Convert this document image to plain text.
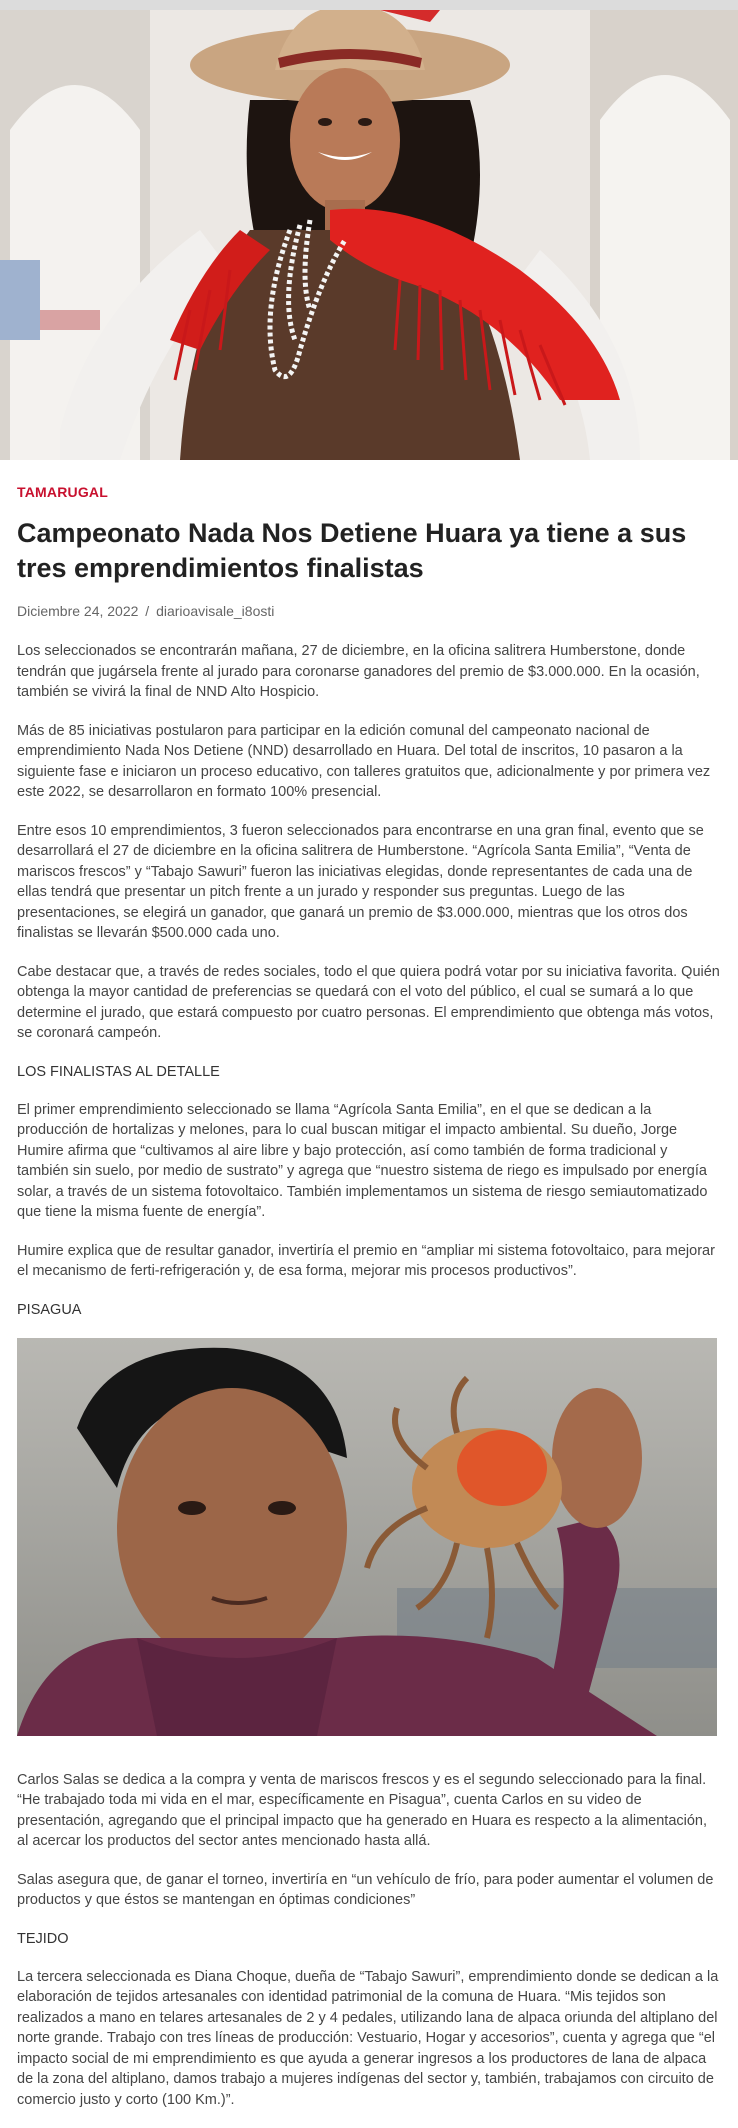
TAMARUGAL
Campeonato Nada Nos Detiene Huara ya tiene a sus tres emprendimientos finalistas
Diciembre 24, 2022 / diarioavisale_i8osti

Los seleccionados se encontrarán mañana, 27 de diciembre, en la oficina salitrera Humberstone, donde tendrán que jugársela frente al jurado para coronarse ganadores del premio de $3.000.000. En la ocasión, también se vivirá la final de NND Alto Hospicio.

Más de 85 iniciativas postularon para participar en la edición comunal del campeonato nacional de emprendimiento Nada Nos Detiene (NND) desarrollado en Huara. Del total de inscritos, 10 pasaron a la siguiente fase e iniciaron un proceso educativo, con talleres gratuitos que, adicionalmente y por primera vez este 2022, se desarrollaron en formato 100% presencial.

Entre esos 10 emprendimientos, 3 fueron seleccionados para encontrarse en una gran final, evento que se desarrollará el 27 de diciembre en la oficina salitrera de Humberstone. “Agrícola Santa Emilia”, “Venta de mariscos frescos” y “Tabajo Sawuri” fueron las iniciativas elegidas, donde representantes de cada una de ellas tendrá que presentar un pitch frente a un jurado y responder sus preguntas. Luego de las presentaciones, se elegirá un ganador, que ganará un premio de $3.000.000, mientras que los otros dos finalistas se llevarán $500.000 cada uno.

Cabe destacar que, a través de redes sociales, todo el que quiera podrá votar por su iniciativa favorita. Quién obtenga la mayor cantidad de preferencias se quedará con el voto del público, el cual se sumará a lo que determine el jurado, que estará compuesto por cuatro personas. El emprendimiento que obtenga más votos, se coronará campeón.

LOS FINALISTAS AL DETALLE

El primer emprendimiento seleccionado se llama “Agrícola Santa Emilia”, en el que se dedican a la producción de hortalizas y melones, para lo cual buscan mitigar el impacto ambiental. Su dueño, Jorge Humire afirma que “cultivamos al aire libre y bajo protección, así como también de forma tradicional y también sin suelo, por medio de sustrato” y agrega que “nuestro sistema de riego es impulsado por energía solar, a través de un sistema fotovoltaico. También implementamos un sistema de riesgo semiautomatizado que tiene la misma fuente de energía”.

Humire explica que de resultar ganador, invertiría el premio en “ampliar mi sistema fotovoltaico, para mejorar el mecanismo de ferti-refrigeración y, de esa forma, mejorar mis procesos productivos”.

PISAGUA

Carlos Salas se dedica a la compra y venta de mariscos frescos y es el segundo seleccionado para la final. “He trabajado toda mi vida en el mar, específicamente en Pisagua”, cuenta Carlos en su video de presentación, agregando que el principal impacto que ha generado en Huara es respecto a la alimentación, al acercar los productos del sector antes mencionado hasta allá.

Salas asegura que, de ganar el torneo, invertiría en “un vehículo de frío, para poder aumentar el volumen de productos y que éstos se mantengan en óptimas condiciones”

TEJIDO

La tercera seleccionada es Diana Choque, dueña de “Tabajo Sawuri”, emprendimiento donde se dedican a la elaboración de tejidos artesanales con identidad patrimonial de la comuna de Huara. “Mis tejidos son realizados a mano en telares artesanales de 2 y 4 pedales, utilizando lana de alpaca oriunda del altiplano del norte grande. Trabajo con tres líneas de producción: Vestuario, Hogar y accesorios”, cuenta y agrega que “el impacto social de mi emprendimiento es que ayuda a generar ingresos a los productores de lana de alpaca de la zona del altiplano, damos trabajo a mujeres indígenas del sector y, también, trabajamos con circuito de comercio justo y corto (100 Km.)”.
